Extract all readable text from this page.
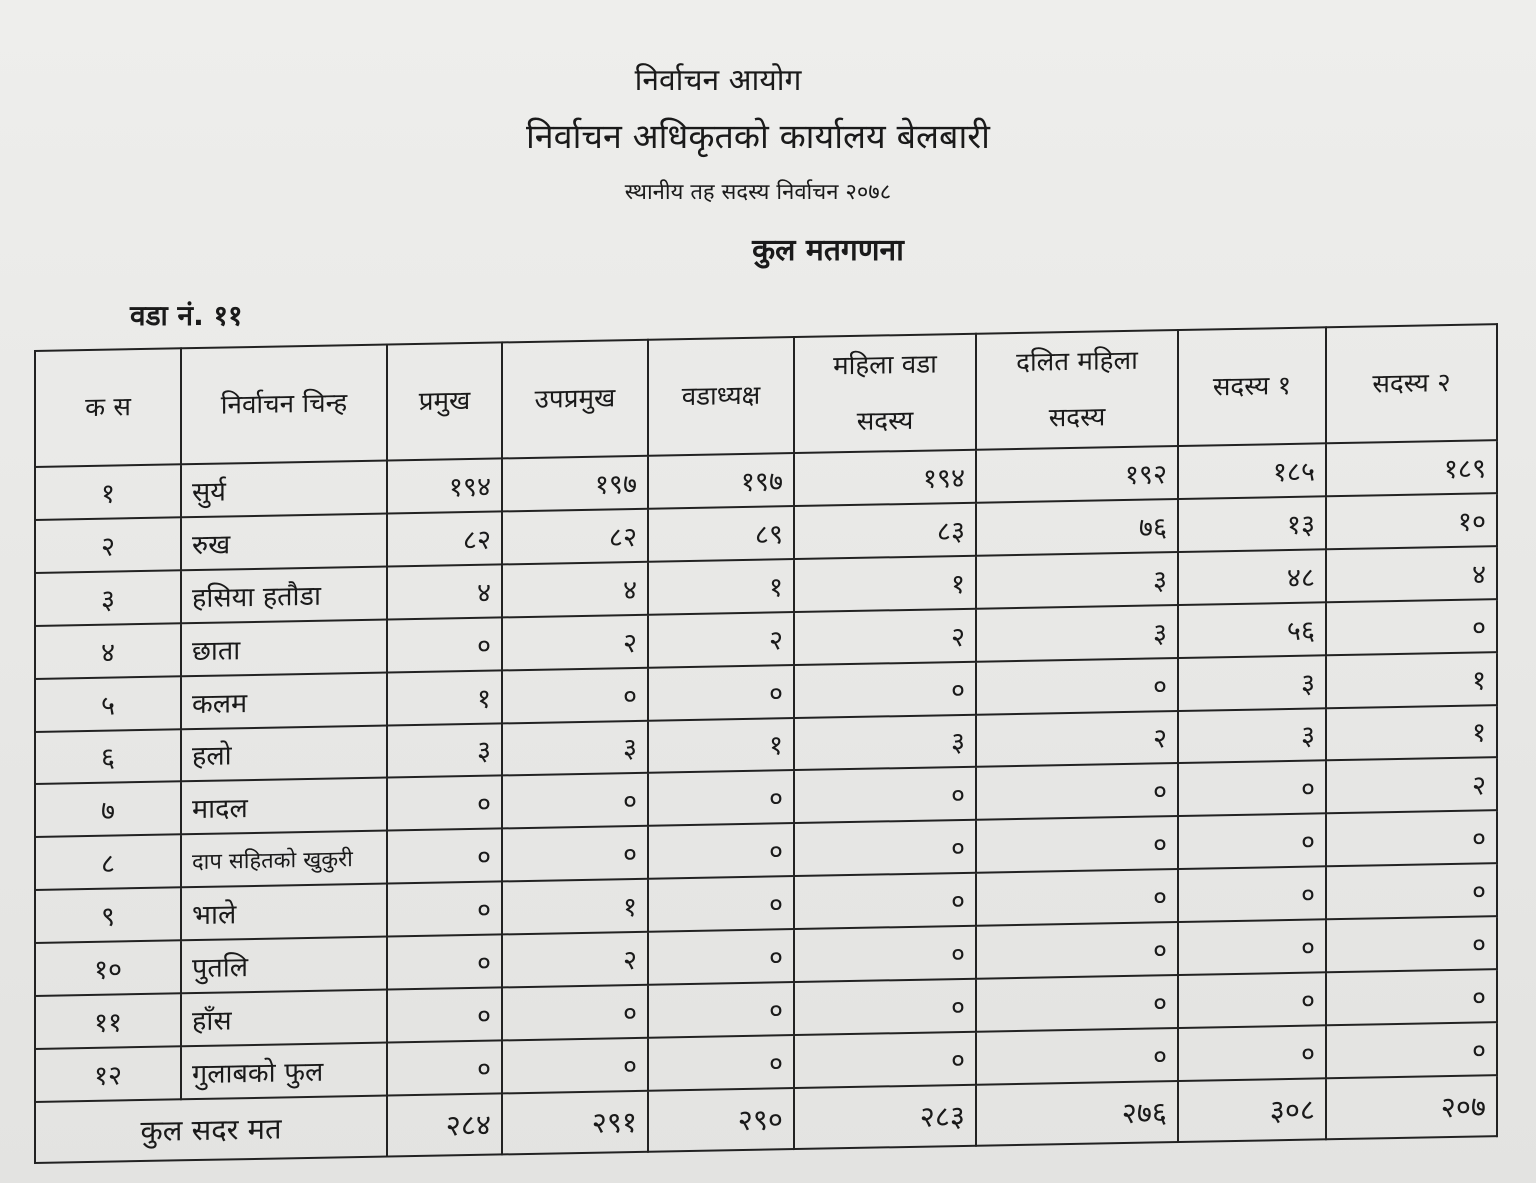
निर्वाचन आयोग
निर्वाचन अधिकृतको कार्यालय बेलबारी
स्थानीय तह सदस्य निर्वाचन २०७८
कुल मतगणना
वडा नं. ११
क स	निर्वाचन चिन्ह	प्रमुख	उपप्रमुख	वडाध्यक्ष	महिला वडा सदस्य	दलित महिला सदस्य	सदस्य १	सदस्य २
१	सुर्य	१९४	१९७	१९७	१९४	१९२	१८५	१८९
२	रुख	८२	८२	८९	८३	७६	१३	१०
३	हसिया हतौडा	४	४	१	१	३	४८	४
४	छाता	०	२	२	२	३	५६	०
५	कलम	१	०	०	०	०	३	१
६	हलो	३	३	१	३	२	३	१
७	मादल	०	०	०	०	०	०	२
८	दाप सहितको खुकुरी	०	०	०	०	०	०	०
९	भाले	०	१	०	०	०	०	०
१०	पुतलि	०	२	०	०	०	०	०
११	हाँस	०	०	०	०	०	०	०
१२	गुलाबको फुल	०	०	०	०	०	०	०
कुल सदर मत		२८४	२९१	२९०	२८३	२७६	३०८	२०७
